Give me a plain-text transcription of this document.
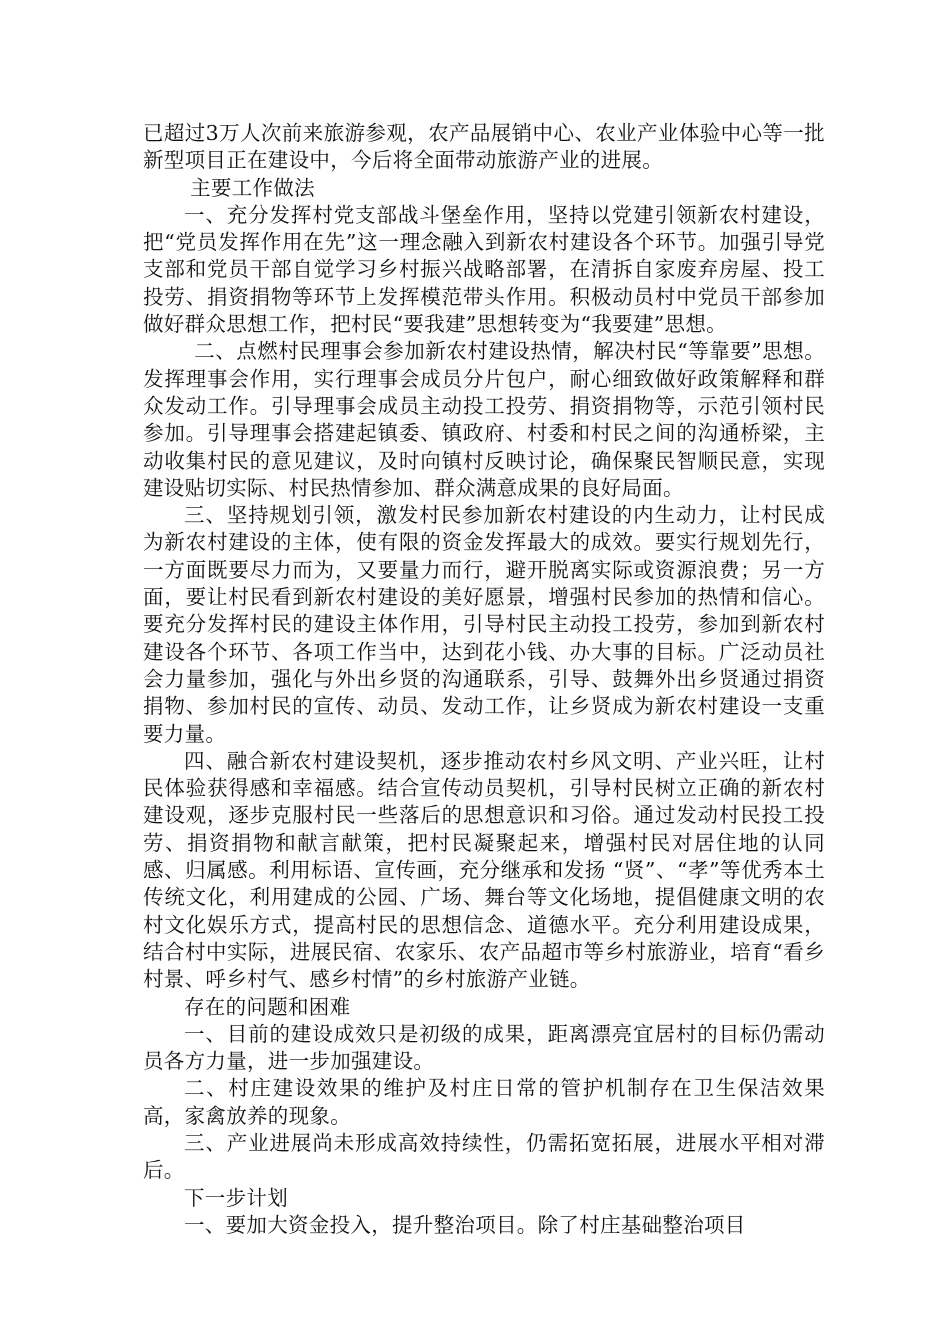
已超过3万人次前来旅游参观，农产品展销中心、农业产业体验中心等一批新型项目正在建设中，今后将全面带动旅游产业的进展。

主要工作做法

一、充分发挥村党支部战斗堡垒作用，坚持以党建引领新农村建设，把“党员发挥作用在先”这一理念融入到新农村建设各个环节。加强引导党支部和党员干部自觉学习乡村振兴战略部署，在清拆自家废弃房屋、投工投劳、捐资捐物等环节上发挥模范带头作用。积极动员村中党员干部参加做好群众思想工作，把村民“要我建”思想转变为“我要建”思想。

二、点燃村民理事会参加新农村建设热情，解决村民“等靠要”思想。发挥理事会作用，实行理事会成员分片包户，耐心细致做好政策解释和群众发动工作。引导理事会成员主动投工投劳、捐资捐物等，示范引领村民参加。引导理事会搭建起镇委、镇政府、村委和村民之间的沟通桥梁，主动收集村民的意见建议，及时向镇村反映讨论，确保聚民智顺民意，实现建设贴切实际、村民热情参加、群众满意成果的良好局面。

三、坚持规划引领，激发村民参加新农村建设的内生动力，让村民成为新农村建设的主体，使有限的资金发挥最大的成效。要实行规划先行，一方面既要尽力而为，又要量力而行，避开脱离实际或资源浪费；另一方面，要让村民看到新农村建设的美好愿景，增强村民参加的热情和信心。要充分发挥村民的建设主体作用，引导村民主动投工投劳，参加到新农村建设各个环节、各项工作当中，达到花小钱、办大事的目标。广泛动员社会力量参加，强化与外出乡贤的沟通联系，引导、鼓舞外出乡贤通过捐资捐物、参加村民的宣传、动员、发动工作，让乡贤成为新农村建设一支重要力量。

四、融合新农村建设契机，逐步推动农村乡风文明、产业兴旺，让村民体验获得感和幸福感。结合宣传动员契机，引导村民树立正确的新农村建设观，逐步克服村民一些落后的思想意识和习俗。通过发动村民投工投劳、捐资捐物和献言献策，把村民凝聚起来，增强村民对居住地的认同感、归属感。利用标语、宣传画，充分继承和发扬 “贤”、“孝”等优秀本土传统文化，利用建成的公园、广场、舞台等文化场地，提倡健康文明的农村文化娱乐方式，提高村民的思想信念、道德水平。充分利用建设成果，结合村中实际，进展民宿、农家乐、农产品超市等乡村旅游业，培育“看乡村景、呼乡村气、感乡村情”的乡村旅游产业链。

存在的问题和困难

一、目前的建设成效只是初级的成果，距离漂亮宜居村的目标仍需动员各方力量，进一步加强建设。

二、村庄建设效果的维护及村庄日常的管护机制存在卫生保洁效果高，家禽放养的现象。

三、产业进展尚未形成高效持续性，仍需拓宽拓展，进展水平相对滞后。

下一步计划

一、要加大资金投入，提升整治项目。除了村庄基础整治项目
